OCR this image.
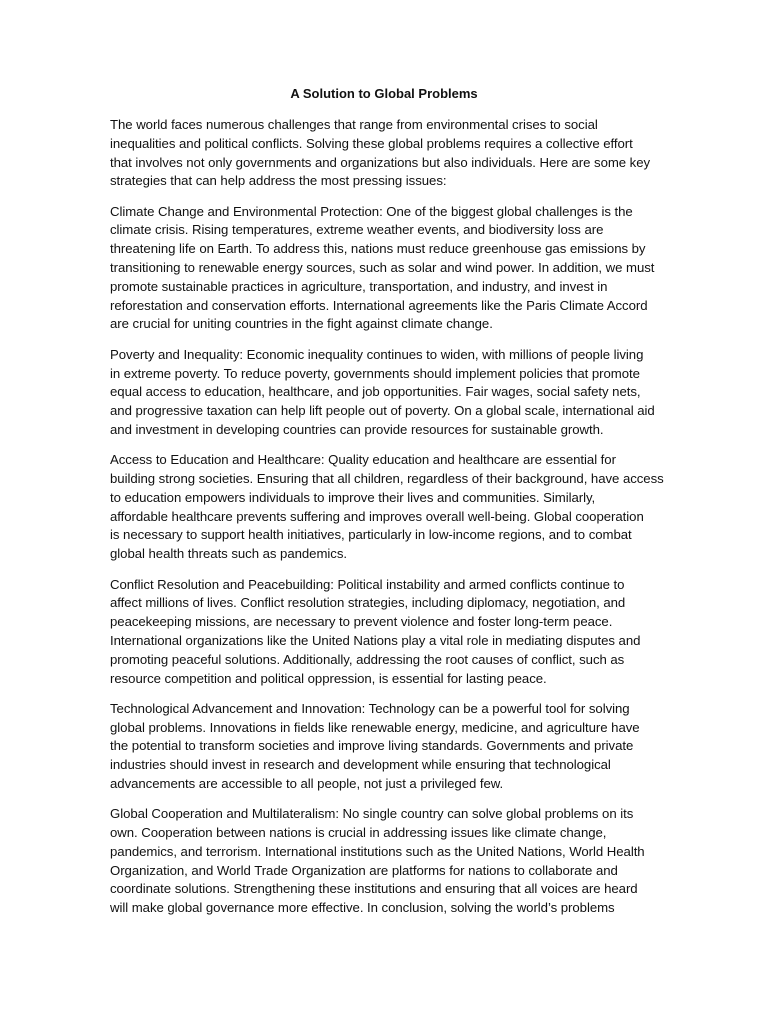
A Solution to Global Problems

The world faces numerous challenges that range from environmental crises to social
inequalities and political conflicts. Solving these global problems requires a collective effort
that involves not only governments and organizations but also individuals. Here are some key
strategies that can help address the most pressing issues:

Climate Change and Environmental Protection: One of the biggest global challenges is the
climate crisis. Rising temperatures, extreme weather events, and biodiversity loss are
threatening life on Earth. To address this, nations must reduce greenhouse gas emissions by
transitioning to renewable energy sources, such as solar and wind power. In addition, we must
promote sustainable practices in agriculture, transportation, and industry, and invest in
reforestation and conservation efforts. International agreements like the Paris Climate Accord
are crucial for uniting countries in the fight against climate change.

Poverty and Inequality: Economic inequality continues to widen, with millions of people living
in extreme poverty. To reduce poverty, governments should implement policies that promote
equal access to education, healthcare, and job opportunities. Fair wages, social safety nets,
and progressive taxation can help lift people out of poverty. On a global scale, international aid
and investment in developing countries can provide resources for sustainable growth.

Access to Education and Healthcare: Quality education and healthcare are essential for
building strong societies. Ensuring that all children, regardless of their background, have access
to education empowers individuals to improve their lives and communities. Similarly,
affordable healthcare prevents suffering and improves overall well-being. Global cooperation
is necessary to support health initiatives, particularly in low-income regions, and to combat
global health threats such as pandemics.

Conflict Resolution and Peacebuilding: Political instability and armed conflicts continue to
affect millions of lives. Conflict resolution strategies, including diplomacy, negotiation, and
peacekeeping missions, are necessary to prevent violence and foster long-term peace.
International organizations like the United Nations play a vital role in mediating disputes and
promoting peaceful solutions. Additionally, addressing the root causes of conflict, such as
resource competition and political oppression, is essential for lasting peace.

Technological Advancement and Innovation: Technology can be a powerful tool for solving
global problems. Innovations in fields like renewable energy, medicine, and agriculture have
the potential to transform societies and improve living standards. Governments and private
industries should invest in research and development while ensuring that technological
advancements are accessible to all people, not just a privileged few.

Global Cooperation and Multilateralism: No single country can solve global problems on its
own. Cooperation between nations is crucial in addressing issues like climate change,
pandemics, and terrorism. International institutions such as the United Nations, World Health
Organization, and World Trade Organization are platforms for nations to collaborate and
coordinate solutions. Strengthening these institutions and ensuring that all voices are heard
will make global governance more effective. In conclusion, solving the world’s problems
